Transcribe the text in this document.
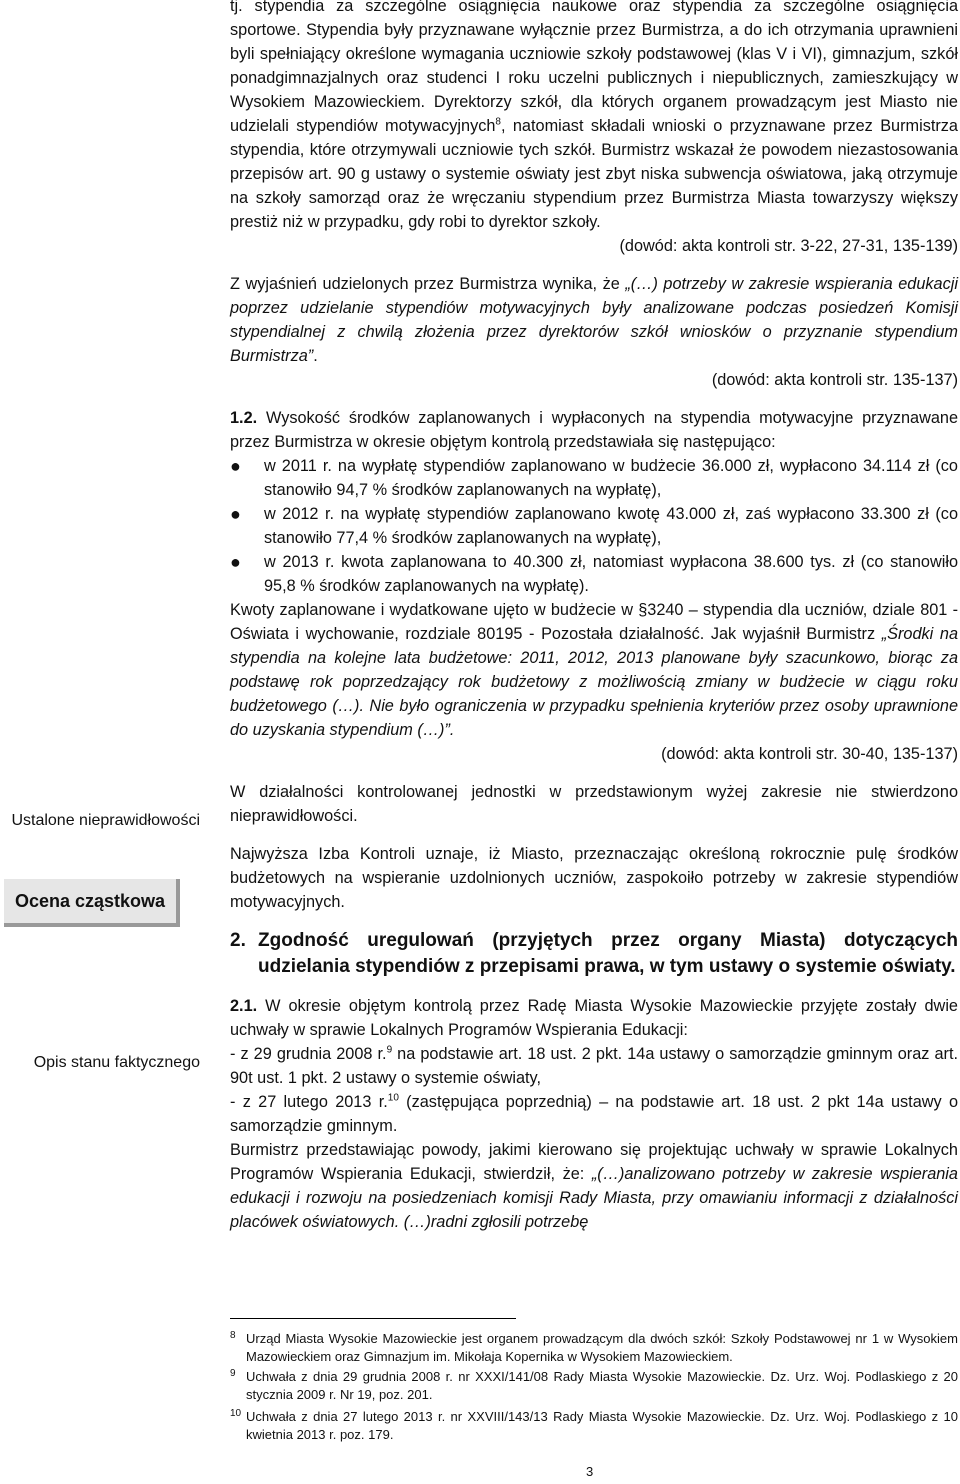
tj. stypendia za szczególne osiągnięcia naukowe oraz stypendia za szczególne osiągnięcia sportowe. Stypendia były przyznawane wyłącznie przez Burmistrza, a do ich otrzymania uprawnieni byli spełniający określone wymagania uczniowie szkoły podstawowej (klas V i VI), gimnazjum, szkół ponadgimnazjalnych oraz studenci I roku uczelni publicznych i niepublicznych, zamieszkujący w Wysokiem Mazowieckiem. Dyrektorzy szkół, dla których organem prowadzącym jest Miasto nie udzielali stypendiów motywacyjnych$^8$, natomiast składali wnioski o przyznawane przez Burmistrza stypendia, które otrzymywali uczniowie tych szkół. Burmistrz wskazał że powodem niezastosowania przepisów art. 90 g ustawy o systemie oświaty jest zbyt niska subwencja oświatowa, jaką otrzymuje na szkoły samorząd oraz że wręczaniu stypendium przez Burmistrza Miasta towarzyszy większy prestiż niż w przypadku, gdy robi to dyrektor szkoły.

(dowód: akta kontroli str. 3-22, 27-31, 135-139)

Z wyjaśnień udzielonych przez Burmistrza wynika, że „(…) potrzeby w zakresie wspierania edukacji poprzez udzielanie stypendiów motywacyjnych były analizowane podczas posiedzeń Komisji stypendialnej z chwilą złożenia przez dyrektorów szkół wniosków o przyznanie stypendium Burmistrza”.

(dowód: akta kontroli str. 135-137)

1.2. Wysokość środków zaplanowanych i wypłaconych na stypendia motywacyjne przyznawane przez Burmistrza w okresie objętym kontrolą przedstawiała się następująco:

●	w 2011 r. na wypłatę stypendiów zaplanowano w budżecie 36.000 zł, wypłacono 34.114 zł (co stanowiło 94,7 % środków zaplanowanych na wypłatę),
●	w 2012 r. na wypłatę stypendiów zaplanowano kwotę 43.000 zł, zaś wypłacono 33.300 zł (co stanowiło 77,4 % środków zaplanowanych na wypłatę),
●	w 2013 r. kwota zaplanowana to 40.300 zł, natomiast wypłacona 38.600 tys. zł (co stanowiło 95,8 % środków zaplanowanych na wypłatę).

Kwoty zaplanowane i wydatkowane ujęto w budżecie w §3240 – stypendia dla uczniów, dziale 801 - Oświata i wychowanie, rozdziale 80195 - Pozostała działalność. Jak wyjaśnił Burmistrz „Środki na stypendia na kolejne lata budżetowe: 2011, 2012, 2013 planowane były szacunkowo, biorąc za podstawę rok poprzedzający rok budżetowy z możliwością zmiany w budżecie w ciągu roku budżetowego (…). Nie było ograniczenia w przypadku spełnienia kryteriów przez osoby uprawnione do uzyskania stypendium (…)”.

(dowód: akta kontroli str. 30-40, 135-137)

W działalności kontrolowanej jednostki w przedstawionym wyżej zakresie nie stwierdzono nieprawidłowości.

Najwyższa Izba Kontroli uznaje, iż Miasto, przeznaczając określoną rokrocznie pulę środków budżetowych na wspieranie uzdolnionych uczniów, zaspokoiło potrzeby w zakresie stypendiów motywacyjnych.

2. Zgodność uregulowań (przyjętych przez organy Miasta) dotyczących udzielania stypendiów z przepisami prawa, w tym ustawy o systemie oświaty.

2.1. W okresie objętym kontrolą przez Radę Miasta Wysokie Mazowieckie przyjęte zostały dwie uchwały w sprawie Lokalnych Programów Wspierania Edukacji:

- z 29 grudnia 2008 r.$^9$ na podstawie art. 18 ust. 2 pkt. 14a ustawy o samorządzie gminnym oraz art. 90t ust. 1 pkt. 2 ustawy o systemie oświaty,

- z 27 lutego 2013 r.$^{10}$ (zastępująca poprzednią) – na podstawie art. 18 ust. 2 pkt 14a ustawy o samorządzie gminnym.

Burmistrz przedstawiając powody, jakimi kierowano się projektując uchwały w sprawie Lokalnych Programów Wspierania Edukacji, stwierdził, że: „(…)analizowano potrzeby w zakresie wspierania edukacji i rozwoju na posiedzeniach komisji Rady Miasta, przy omawianiu informacji z działalności placówek oświatowych. (…)radni zgłosili potrzebę

Ustalone nieprawidłowości
Ocena cząstkowa
Opis stanu faktycznego
8 Urząd Miasta Wysokie Mazowieckie jest organem prowadzącym dla dwóch szkół: Szkoły Podstawowej nr 1 w Wysokiem Mazowieckiem oraz Gimnazjum im. Mikołaja Kopernika w Wysokiem Mazowieckiem.
9 Uchwała z dnia 29 grudnia 2008 r. nr XXXI/141/08 Rady Miasta Wysokie Mazowieckie. Dz. Urz. Woj. Podlaskiego z 20 stycznia 2009 r. Nr 19, poz. 201.
10 Uchwała z dnia 27 lutego 2013 r. nr XXVIII/143/13 Rady Miasta Wysokie Mazowieckie. Dz. Urz. Woj. Podlaskiego z 10 kwietnia 2013 r. poz. 179.
3
